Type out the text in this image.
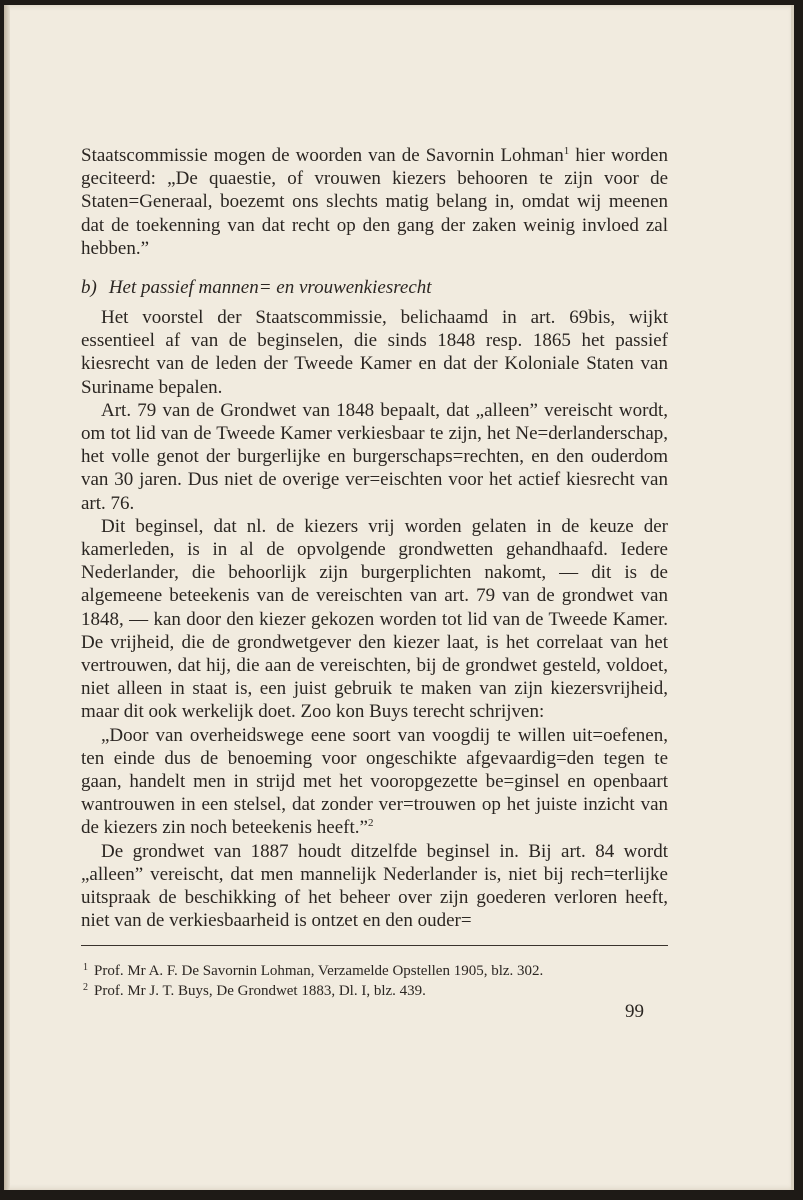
Staatscommissie mogen de woorden van de Savornin Lohman$^1$ hier worden geciteerd: „De quaestie, of vrouwen kiezers behooren te zijn voor de Staten=Generaal, boezemt ons slechts matig belang in, omdat wij meenen dat de toekenning van dat recht op den gang der zaken weinig invloed zal hebben.”

b) Het passief mannen= en vrouwenkiesrecht

Het voorstel der Staatscommissie, belichaamd in art. 69bis, wijkt essentieel af van de beginselen, die sinds 1848 resp. 1865 het passief kiesrecht van de leden der Tweede Kamer en dat der Koloniale Staten van Suriname bepalen.

Art. 79 van de Grondwet van 1848 bepaalt, dat „alleen” vereischt wordt, om tot lid van de Tweede Kamer verkiesbaar te zijn, het Ne=derlanderschap, het volle genot der burgerlijke en burgerschaps=rechten, en den ouderdom van 30 jaren. Dus niet de overige ver=eischten voor het actief kiesrecht van art. 76.

Dit beginsel, dat nl. de kiezers vrij worden gelaten in de keuze der kamerleden, is in al de opvolgende grondwetten gehandhaafd. Iedere Nederlander, die behoorlijk zijn burgerplichten nakomt, — dit is de algemeene beteekenis van de vereischten van art. 79 van de grondwet van 1848, — kan door den kiezer gekozen worden tot lid van de Tweede Kamer. De vrijheid, die de grondwetgever den kiezer laat, is het correlaat van het vertrouwen, dat hij, die aan de vereischten, bij de grondwet gesteld, voldoet, niet alleen in staat is, een juist gebruik te maken van zijn kiezersvrijheid, maar dit ook werkelijk doet. Zoo kon Buys terecht schrijven:

„Door van overheidswege eene soort van voogdij te willen uit=oefenen, ten einde dus de benoeming voor ongeschikte afgevaardig=den tegen te gaan, handelt men in strijd met het vooropgezette be=ginsel en openbaart wantrouwen in een stelsel, dat zonder ver=trouwen op het juiste inzicht van de kiezers zin noch beteekenis heeft.”$^2$

De grondwet van 1887 houdt ditzelfde beginsel in. Bij art. 84 wordt „alleen” vereischt, dat men mannelijk Nederlander is, niet bij rech=terlijke uitspraak de beschikking of het beheer over zijn goederen verloren heeft, niet van de verkiesbaarheid is ontzet en den ouder=

$^1$ Prof. Mr A. F. De Savornin Lohman, Verzamelde Opstellen 1905, blz. 302.
$^2$ Prof. Mr J. T. Buys, De Grondwet 1883, Dl. I, blz. 439.
99
